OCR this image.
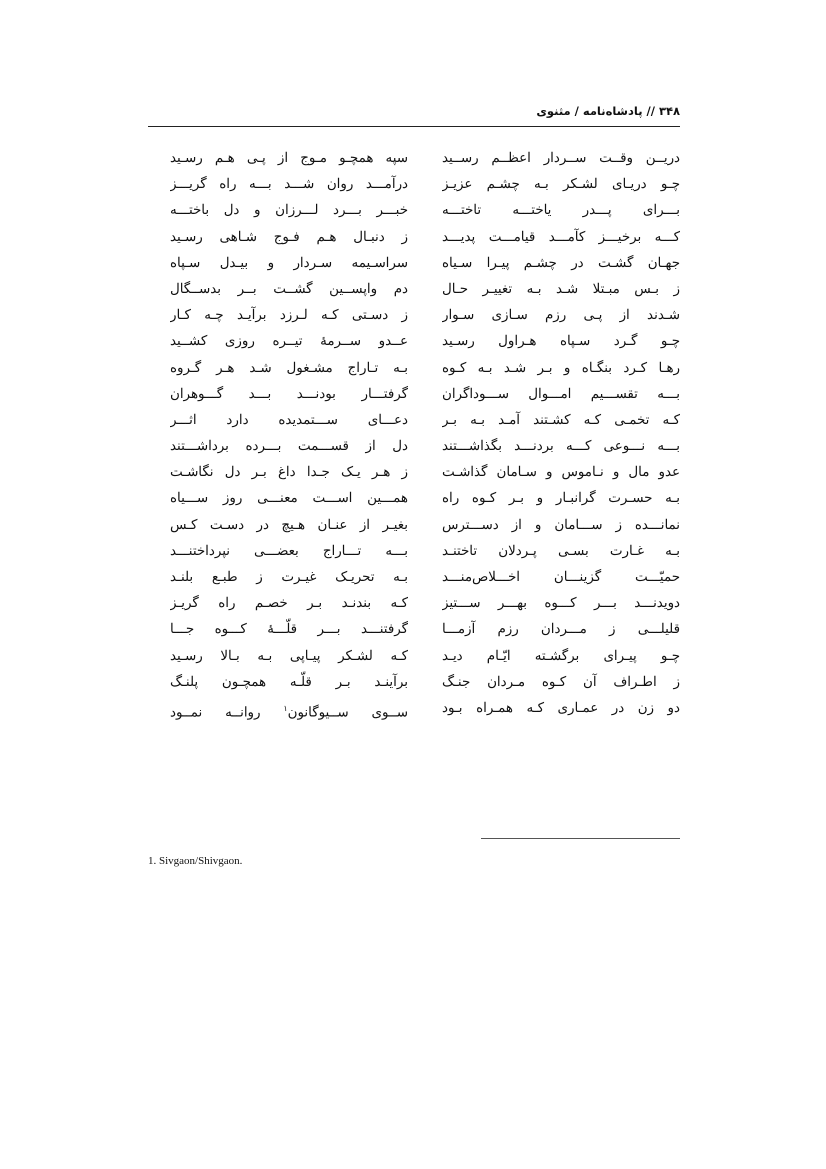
۳۴۸ // پادشاه‌نامه / مثنوی
دریــن وقــت ســردار اعظــم رســید
سپه همچـو مـوج از پـی هـم رسـید
چـو دریـای لشـکر بـه چشـم عزیـز
درآمـــد روان شـــد بـــه راه گریـــز
بـــرای پـــدر یاختـــه تاختـــه
خبـــر بـــرد لـــرزان و دل باختـــه
کـــه برخیـــز کآمـــد قیامـــت پدیـــد
ز دنبـال هـم فـوج شـاهی رسـید
جهـان گشـت در چشـم پیـرا سـیاه
سراسـیمه سـردار و بیـدل سـپاه
ز بـس مبـتلا شـد بـه تغییـر حـال
دم واپســین گشــت بــر بدســگال
شـدند از پـی رزم سـازی سـوار
ز دسـتی کـه لـرزد برآیـد چـه کـار
چـو گـرد سـپاه هـراول رسـید
عــدو ســرمهٔ تیــره روزی کشــید
رهـا کـرد بنگـاه و بـر شـد بـه کـوه
بـه تـاراج مشـغول شـد هـر گـروه
بـــه تقســـیم امـــوال ســـوداگران
گرفتـــار بودنـــد بـــد گـــوهران
کـه تخمـی کـه کشـتند آمـد بـه بـر
دعـــای ســـتمدیده دارد اثـــر
بـــه نـــوعی کـــه بردنـــد بگذاشـــتند
دل از قســـمت بـــرده برداشـــتند
عدو مال و نـاموس و سـامان گذاشـت
ز هـر یـک جـدا داغ بـر دل نگاشـت
بـه حسـرت گرانبـار و بـر کـوه راه
همـــین اســـت معنـــی روز ســـیاه
نمانـــده ز ســـامان و از دســـترس
بغیـر از عنـان هـیچ در دسـت کـس
بـه غـارت بسـی پـردلان تاختنـد
بـــه تـــاراج بعضـــی نپرداختنـــد
حمیّـــت گزینـــان اخـــلاص‌منـــد
بـه تحریـک غیـرت ز طبـع بلنـد
دویدنـــد بـــر کـــوه بهـــر ســـتیز
کـه بندنـد بـر خصـم راه گریـز
قلیلـــی ز مـــردان رزم آزمـــا
گرفتنـــد بـــر قلّـــهٔ کـــوه جـــا
چـو پیـرای برگشـته ایّـام دیـد
کـه لشـکر پیـاپی بـه بـالا رسـید
ز اطـراف آن کـوه مـردان جنـگ
برآینـد بـر قلّـه همچـون پلنـگ
دو زن در عمـاری کـه همـراه بـود
ســوی ســیوگانون$^۱$ روانــه نمــود
1. Sivgaon/Shivgaon.
